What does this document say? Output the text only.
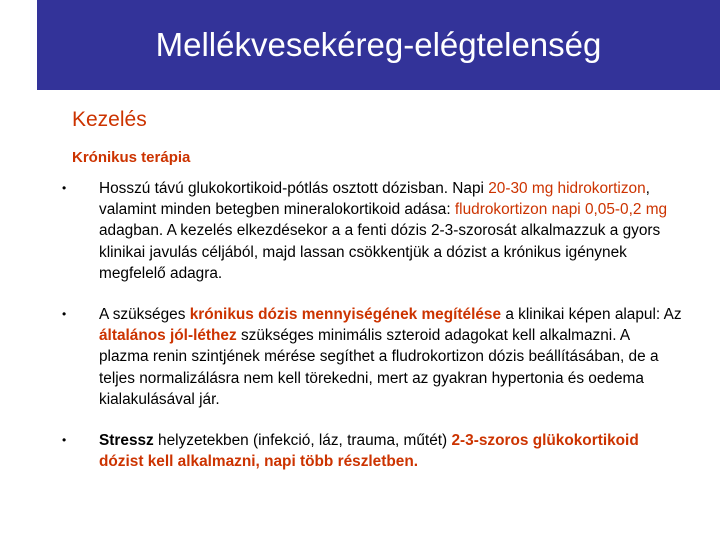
Mellékvesekéreg-elégtelenség
Kezelés
Krónikus terápia
• Hosszú távú glukokortikoid-pótlás osztott dózisban. Napi 20-30 mg hidrokortizon, valamint minden betegben mineralokortikoid adása: fludrokortizon napi 0,05-0,2 mg adagban. A kezelés elkezdésekor a a fenti dózis 2-3-szorosát alkalmazzuk a gyors klinikai javulás céljából, majd lassan csökkentjük a dózist a krónikus igénynek megfelelő adagra.
• A szükséges krónikus dózis mennyiségének megítélése a klinikai képen alapul: Az általános jól-léthez szükséges minimális szteroid adagokat kell alkalmazni. A plazma renin szintjének mérése segíthet a fludrokortizon dózis beállításában, de a teljes normalizálásra nem kell törekedni, mert az gyakran hypertonia és oedema kialakulásával jár.
• Stressz helyzetekben (infekció, láz, trauma, műtét) 2-3-szoros glükokortikoid dózist kell alkalmazni, napi több részletben.
